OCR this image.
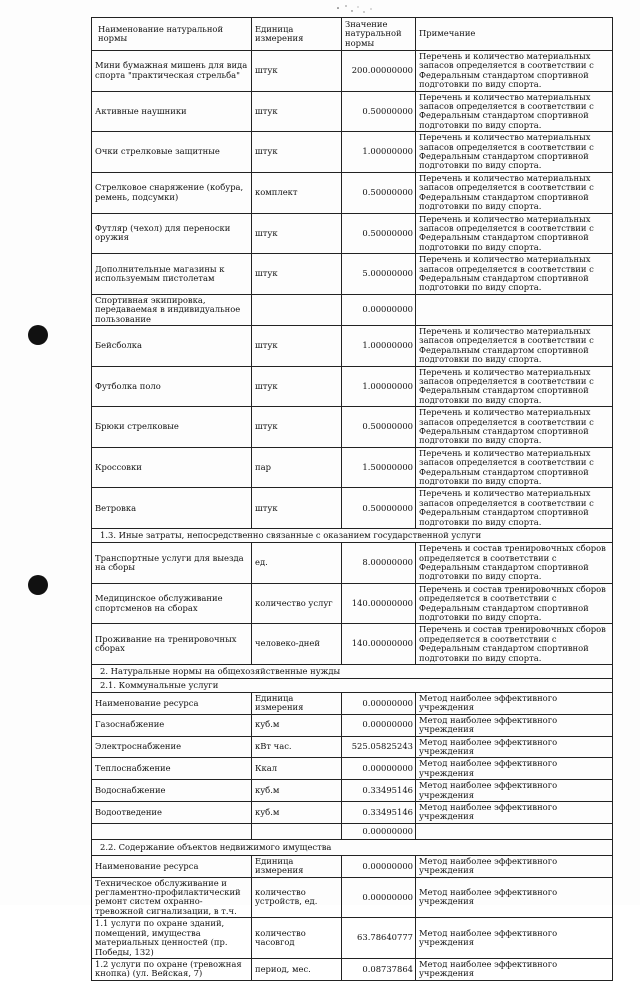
Наименование натуральной нормы	Единица измерения	Значение натуральной нормы	Примечание
Мини бумажная мишень для вида спорта "практическая стрельба"	штук	200.00000000	Перечень и количество материальных запасов определяется в соответствии с Федеральным стандартом спортивной подготовки по виду спорта.
Активные наушники	штук	0.50000000	Перечень и количество материальных запасов определяется в соответствии с Федеральным стандартом спортивной подготовки по виду спорта.
Очки стрелковые защитные	штук	1.00000000	Перечень и количество материальных запасов определяется в соответствии с Федеральным стандартом спортивной подготовки по виду спорта.
Стрелковое снаряжение (кобура, ремень, подсумки)	комплект	0.50000000	Перечень и количество материальных запасов определяется в соответствии с Федеральным стандартом спортивной подготовки по виду спорта.
Футляр (чехол) для переноски оружия	штук	0.50000000	Перечень и количество материальных запасов определяется в соответствии с Федеральным стандартом спортивной подготовки по виду спорта.
Дополнительные магазины к используемым пистолетам	штук	5.00000000	Перечень и количество материальных запасов определяется в соответствии с Федеральным стандартом спортивной подготовки по виду спорта.
Спортивная экипировка, передаваемая в индивидуальное пользование		0.00000000	
Бейсболка	штук	1.00000000	Перечень и количество материальных запасов определяется в соответствии с Федеральным стандартом спортивной подготовки по виду спорта.
Футболка поло	штук	1.00000000	Перечень и количество материальных запасов определяется в соответствии с Федеральным стандартом спортивной подготовки по виду спорта.
Брюки стрелковые	штук	0.50000000	Перечень и количество материальных запасов определяется в соответствии с Федеральным стандартом спортивной подготовки по виду спорта.
Кроссовки	пар	1.50000000	Перечень и количество материальных запасов определяется в соответствии с Федеральным стандартом спортивной подготовки по виду спорта.
Ветровка	штук	0.50000000	Перечень и количество материальных запасов определяется в соответствии с Федеральным стандартом спортивной подготовки по виду спорта.
1.3. Иные затраты, непосредственно связанные с оказанием государственной услуги			
Транспортные услуги для выезда на сборы	ед.	8.00000000	Перечень и состав тренировочных сборов определяется в соответствии с Федеральным стандартом спортивной подготовки по виду спорта.
Медицинское обслуживание спортсменов на сборах	количество услуг	140.00000000	Перечень и состав тренировочных сборов определяется в соответствии с Федеральным стандартом спортивной подготовки по виду спорта.
Проживание на тренировочных сборах	человеко-дней	140.00000000	Перечень и состав тренировочных сборов определяется в соответствии с Федеральным стандартом спортивной подготовки по виду спорта.
2. Натуральные нормы на общехозяйственные нужды			
2.1. Коммунальные услуги			
Наименование ресурса	Единица измерения	0.00000000	Метод наиболее эффективного учреждения
Газоснабжение	куб.м	0.00000000	Метод наиболее эффективного учреждения
Электроснабжение	кВт час.	525.05825243	Метод наиболее эффективного учреждения
Теплоснабжение	Ккал	0.00000000	Метод наиболее эффективного учреждения
Водоснабжение	куб.м	0.33495146	Метод наиболее эффективного учреждения
Водоотведение	куб.м	0.33495146	Метод наиболее эффективного учреждения
		0.00000000	
2.2. Содержание объектов недвижимого имущества			
Наименование ресурса	Единица измерения	0.00000000	Метод наиболее эффективного учреждения
Техническое обслуживание и регламентно-профилактический ремонт систем охранно-тревожной сигнализации, в т.ч.	количество устройств, ед.	0.00000000	Метод наиболее эффективного учреждения
1.1 услуги по охране зданий, помещений, имущества материальных ценностей (пр. Победы, 132)	количество часовгод	63.78640777	Метод наиболее эффективного учреждения
1.2 услуги по охране (тревожная кнопка) (ул. Вейская, 7)	период, мес.	0.08737864	Метод наиболее эффективного учреждения
